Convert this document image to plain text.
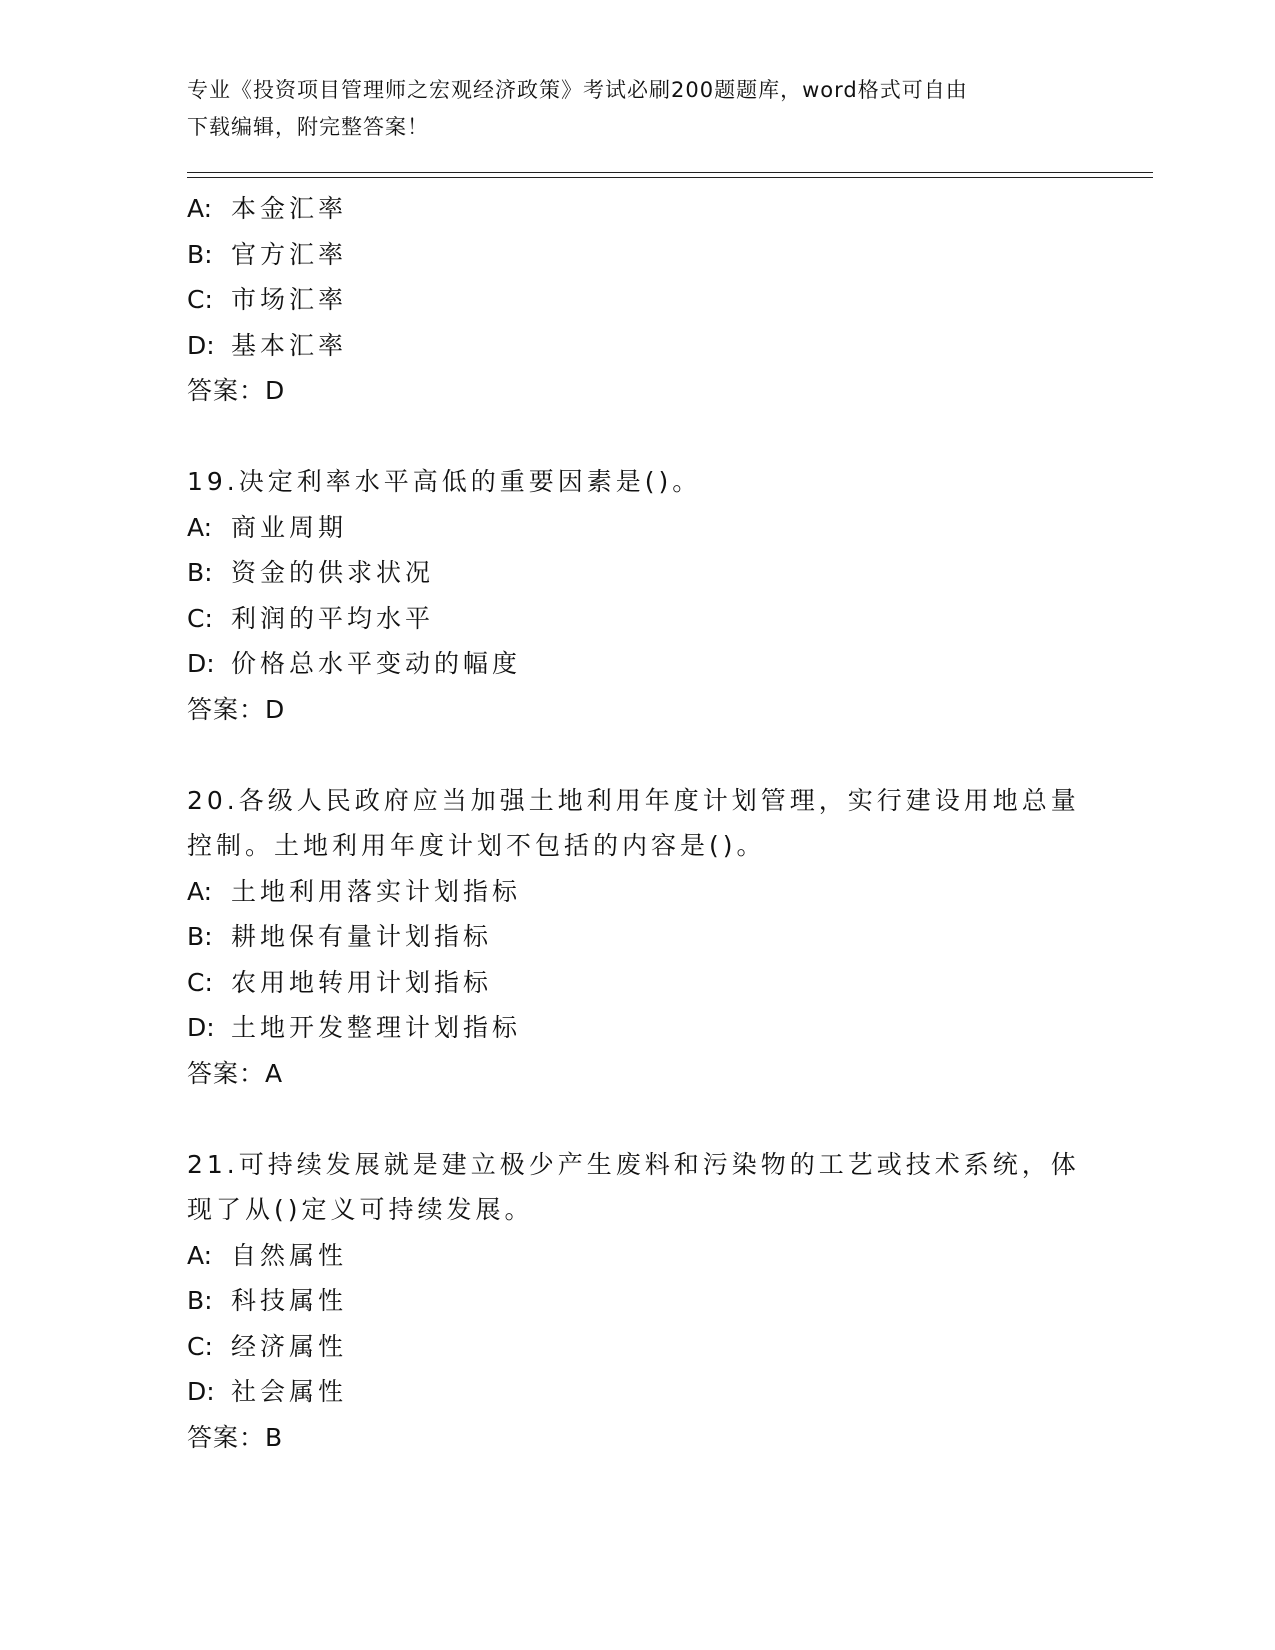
专业《投资项目管理师之宏观经济政策》考试必刷200题题库，word格式可自由
下载编辑，附完整答案！
A: 本金汇率
B: 官方汇率
C: 市场汇率
D: 基本汇率
答案：D
19.决定利率水平高低的重要因素是()。
A: 商业周期
B: 资金的供求状况
C: 利润的平均水平
D: 价格总水平变动的幅度
答案：D
20.各级人民政府应当加强土地利用年度计划管理，实行建设用地总量
控制。土地利用年度计划不包括的内容是()。
A: 土地利用落实计划指标
B: 耕地保有量计划指标
C: 农用地转用计划指标
D: 土地开发整理计划指标
答案：A
21.可持续发展就是建立极少产生废料和污染物的工艺或技术系统，体
现了从()定义可持续发展。
A: 自然属性
B: 科技属性
C: 经济属性
D: 社会属性
答案：B
